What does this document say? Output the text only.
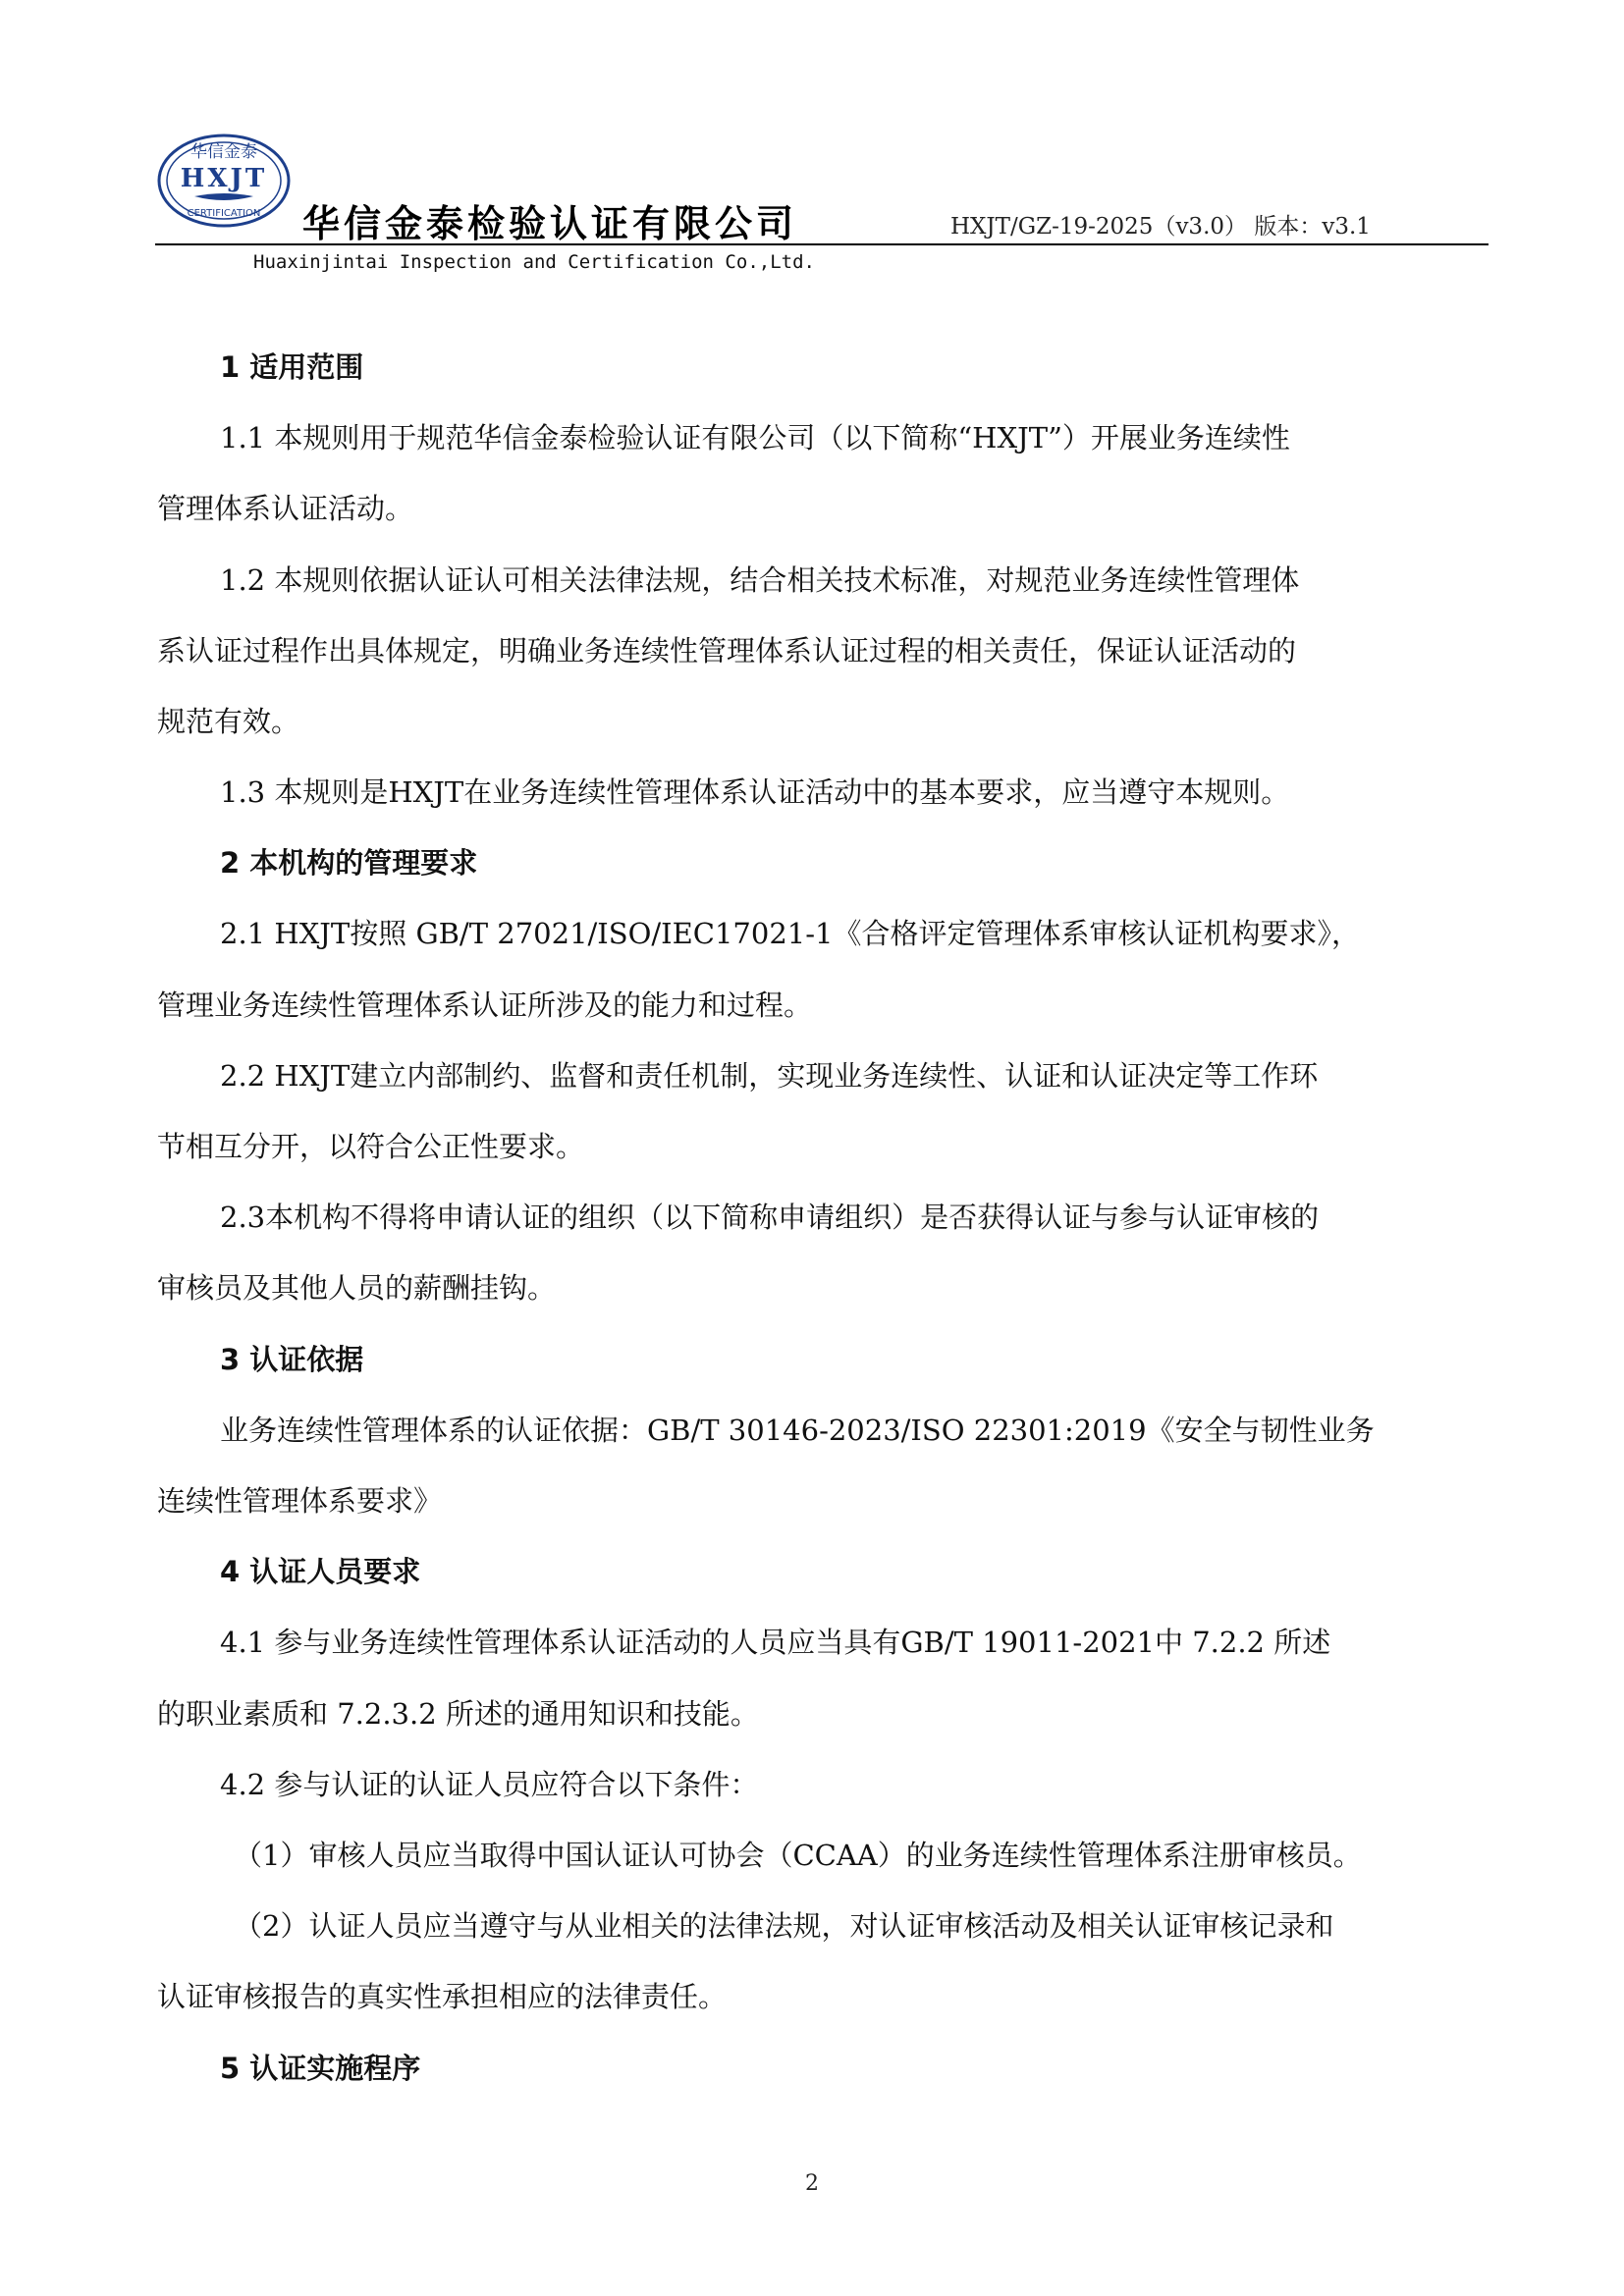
华信金泰
HXJT
CERTIFICATION 华信金泰检验认证有限公司	HXJT/GZ-19-2025（v3.0） 版本：v3.1
Huaxinjintai Inspection and Certification Co.,Ltd.
1 适用范围
1.1 本规则用于规范华信金泰检验认证有限公司（以下简称“HXJT”）开展业务连续性
管理体系认证活动。
1.2 本规则依据认证认可相关法律法规，结合相关技术标准，对规范业务连续性管理体
系认证过程作出具体规定，明确业务连续性管理体系认证过程的相关责任，保证认证活动的
规范有效。
1.3 本规则是HXJT在业务连续性管理体系认证活动中的基本要求，应当遵守本规则。
2 本机构的管理要求
2.1 HXJT按照 GB/T 27021/ISO/IEC17021-1《合格评定管理体系审核认证机构要求》，
管理业务连续性管理体系认证所涉及的能力和过程。
2.2 HXJT建立内部制约、监督和责任机制，实现业务连续性、认证和认证决定等工作环
节相互分开，以符合公正性要求。
2.3本机构不得将申请认证的组织（以下简称申请组织）是否获得认证与参与认证审核的
审核员及其他人员的薪酬挂钩。
3 认证依据
业务连续性管理体系的认证依据：GB/T 30146-2023/ISO 22301:2019《安全与韧性业务
连续性管理体系要求》
4 认证人员要求
4.1 参与业务连续性管理体系认证活动的人员应当具有GB/T 19011-2021中 7.2.2 所述
的职业素质和 7.2.3.2 所述的通用知识和技能。
4.2 参与认证的认证人员应符合以下条件：
（1）审核人员应当取得中国认证认可协会（CCAA）的业务连续性管理体系注册审核员。
（2）认证人员应当遵守与从业相关的法律法规，对认证审核活动及相关认证审核记录和
认证审核报告的真实性承担相应的法律责任。
5 认证实施程序
2
